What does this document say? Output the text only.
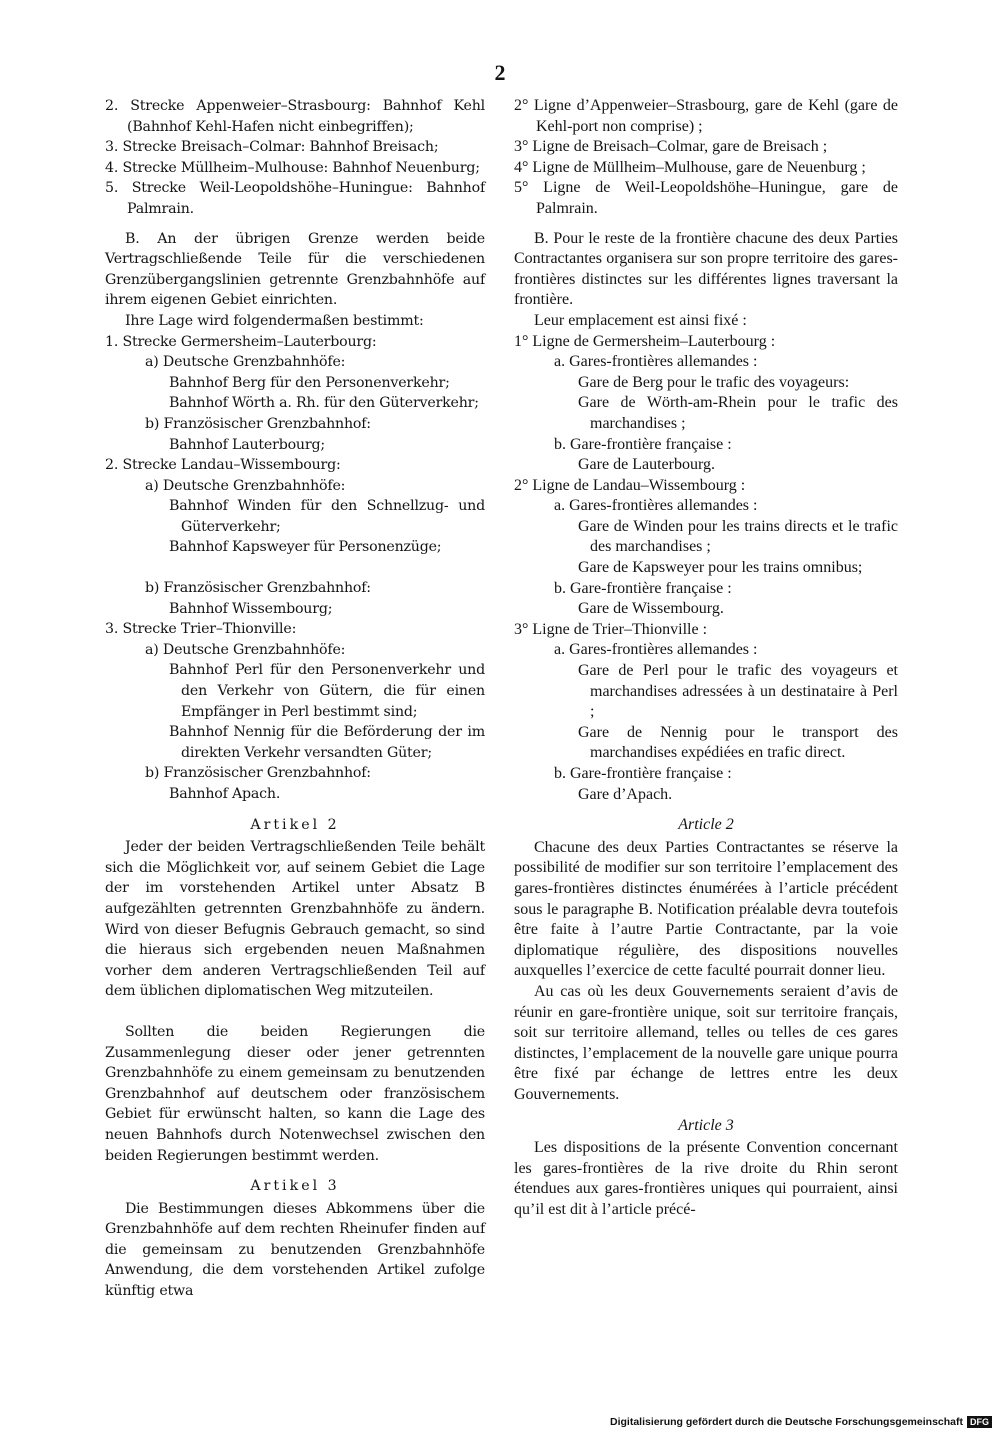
2

2. Strecke Appenweier–Strasbourg: Bahnhof Kehl (Bahnhof Kehl-Hafen nicht einbegriffen);

3. Strecke Breisach–Colmar: Bahnhof Breisach;

4. Strecke Müllheim–Mulhouse: Bahnhof Neuenburg;

5. Strecke Weil-Leopoldshöhe–Huningue: Bahnhof Palmrain.

B. An der übrigen Grenze werden beide Vertragschließende Teile für die verschiedenen Grenzübergangslinien getrennte Grenzbahnhöfe auf ihrem eigenen Gebiet einrichten.

Ihre Lage wird folgendermaßen bestimmt:

1. Strecke Germersheim–Lauterbourg:

a) Deutsche Grenzbahnhöfe:

Bahnhof Berg für den Personenverkehr;

Bahnhof Wörth a. Rh. für den Güterverkehr;

b) Französischer Grenzbahnhof:

Bahnhof Lauterbourg;

2. Strecke Landau–Wissembourg:

a) Deutsche Grenzbahnhöfe:

Bahnhof Winden für den Schnellzug- und Güterverkehr;

Bahnhof Kapsweyer für Personenzüge;

b) Französischer Grenzbahnhof:

Bahnhof Wissembourg;

3. Strecke Trier–Thionville:

a) Deutsche Grenzbahnhöfe:

Bahnhof Perl für den Personenverkehr und den Verkehr von Gütern, die für einen Empfänger in Perl bestimmt sind;

Bahnhof Nennig für die Beförderung der im direkten Verkehr versandten Güter;

b) Französischer Grenzbahnhof:

Bahnhof Apach.

Artikel 2

Jeder der beiden Vertragschließenden Teile behält sich die Möglichkeit vor, auf seinem Gebiet die Lage der im vorstehenden Artikel unter Absatz B aufgezählten getrennten Grenzbahnhöfe zu ändern. Wird von dieser Befugnis Gebrauch gemacht, so sind die hieraus sich ergebenden neuen Maßnahmen vorher dem anderen Vertragschließenden Teil auf dem üblichen diplomatischen Weg mitzuteilen.

Sollten die beiden Regierungen die Zusammenlegung dieser oder jener getrennten Grenzbahnhöfe zu einem gemeinsam zu benutzenden Grenzbahnhof auf deutschem oder französischem Gebiet für erwünscht halten, so kann die Lage des neuen Bahnhofs durch Notenwechsel zwischen den beiden Regierungen bestimmt werden.

Artikel 3

Die Bestimmungen dieses Abkommens über die Grenzbahnhöfe auf dem rechten Rheinufer finden auf die gemeinsam zu benutzenden Grenzbahnhöfe Anwendung, die dem vorstehenden Artikel zufolge künftig etwa

2° Ligne d’Appenweier–Strasbourg, gare de Kehl (gare de Kehl-port non comprise) ;

3° Ligne de Breisach–Colmar, gare de Breisach ;

4° Ligne de Müllheim–Mulhouse, gare de Neuenburg ;

5° Ligne de Weil-Leopoldshöhe–Huningue, gare de Palmrain.

B. Pour le reste de la frontière chacune des deux Parties Contractantes organisera sur son propre territoire des gares-frontières distinctes sur les différentes lignes traversant la frontière.

Leur emplacement est ainsi fixé :

1° Ligne de Germersheim–Lauterbourg :

a. Gares-frontières allemandes :

Gare de Berg pour le trafic des voyageurs:

Gare de Wörth-am-Rhein pour le trafic des marchandises ;

b. Gare-frontière française :

Gare de Lauterbourg.

2° Ligne de Landau–Wissembourg :

a. Gares-frontières allemandes :

Gare de Winden pour les trains directs et le trafic des marchandises ;

Gare de Kapsweyer pour les trains omnibus;

b. Gare-frontière française :

Gare de Wissembourg.

3° Ligne de Trier–Thionville :

a. Gares-frontières allemandes :

Gare de Perl pour le trafic des voyageurs et marchandises adressées à un destinataire à Perl ;

Gare de Nennig pour le transport des marchandises expédiées en trafic direct.

b. Gare-frontière française :

Gare d’Apach.

Article 2

Chacune des deux Parties Contractantes se réserve la possibilité de modifier sur son territoire l’emplacement des gares-frontières distinctes énumérées à l’article précédent sous le paragraphe B. Notification préalable devra toutefois être faite à l’autre Partie Contractante, par la voie diplomatique régulière, des dispositions nouvelles auxquelles l’exercice de cette faculté pourrait donner lieu.

Au cas où les deux Gouvernements seraient d’avis de réunir en gare-frontière unique, soit sur territoire français, soit sur territoire allemand, telles ou telles de ces gares distinctes, l’emplacement de la nouvelle gare unique pourra être fixé par échange de lettres entre les deux Gouvernements.

Article 3

Les dispositions de la présente Convention concernant les gares-frontières de la rive droite du Rhin seront étendues aux gares-frontières uniques qui pourraient, ainsi qu’il est dit à l’article précé-

Digitalisierung gefördert durch die Deutsche Forschungsgemeinschaft DFG
